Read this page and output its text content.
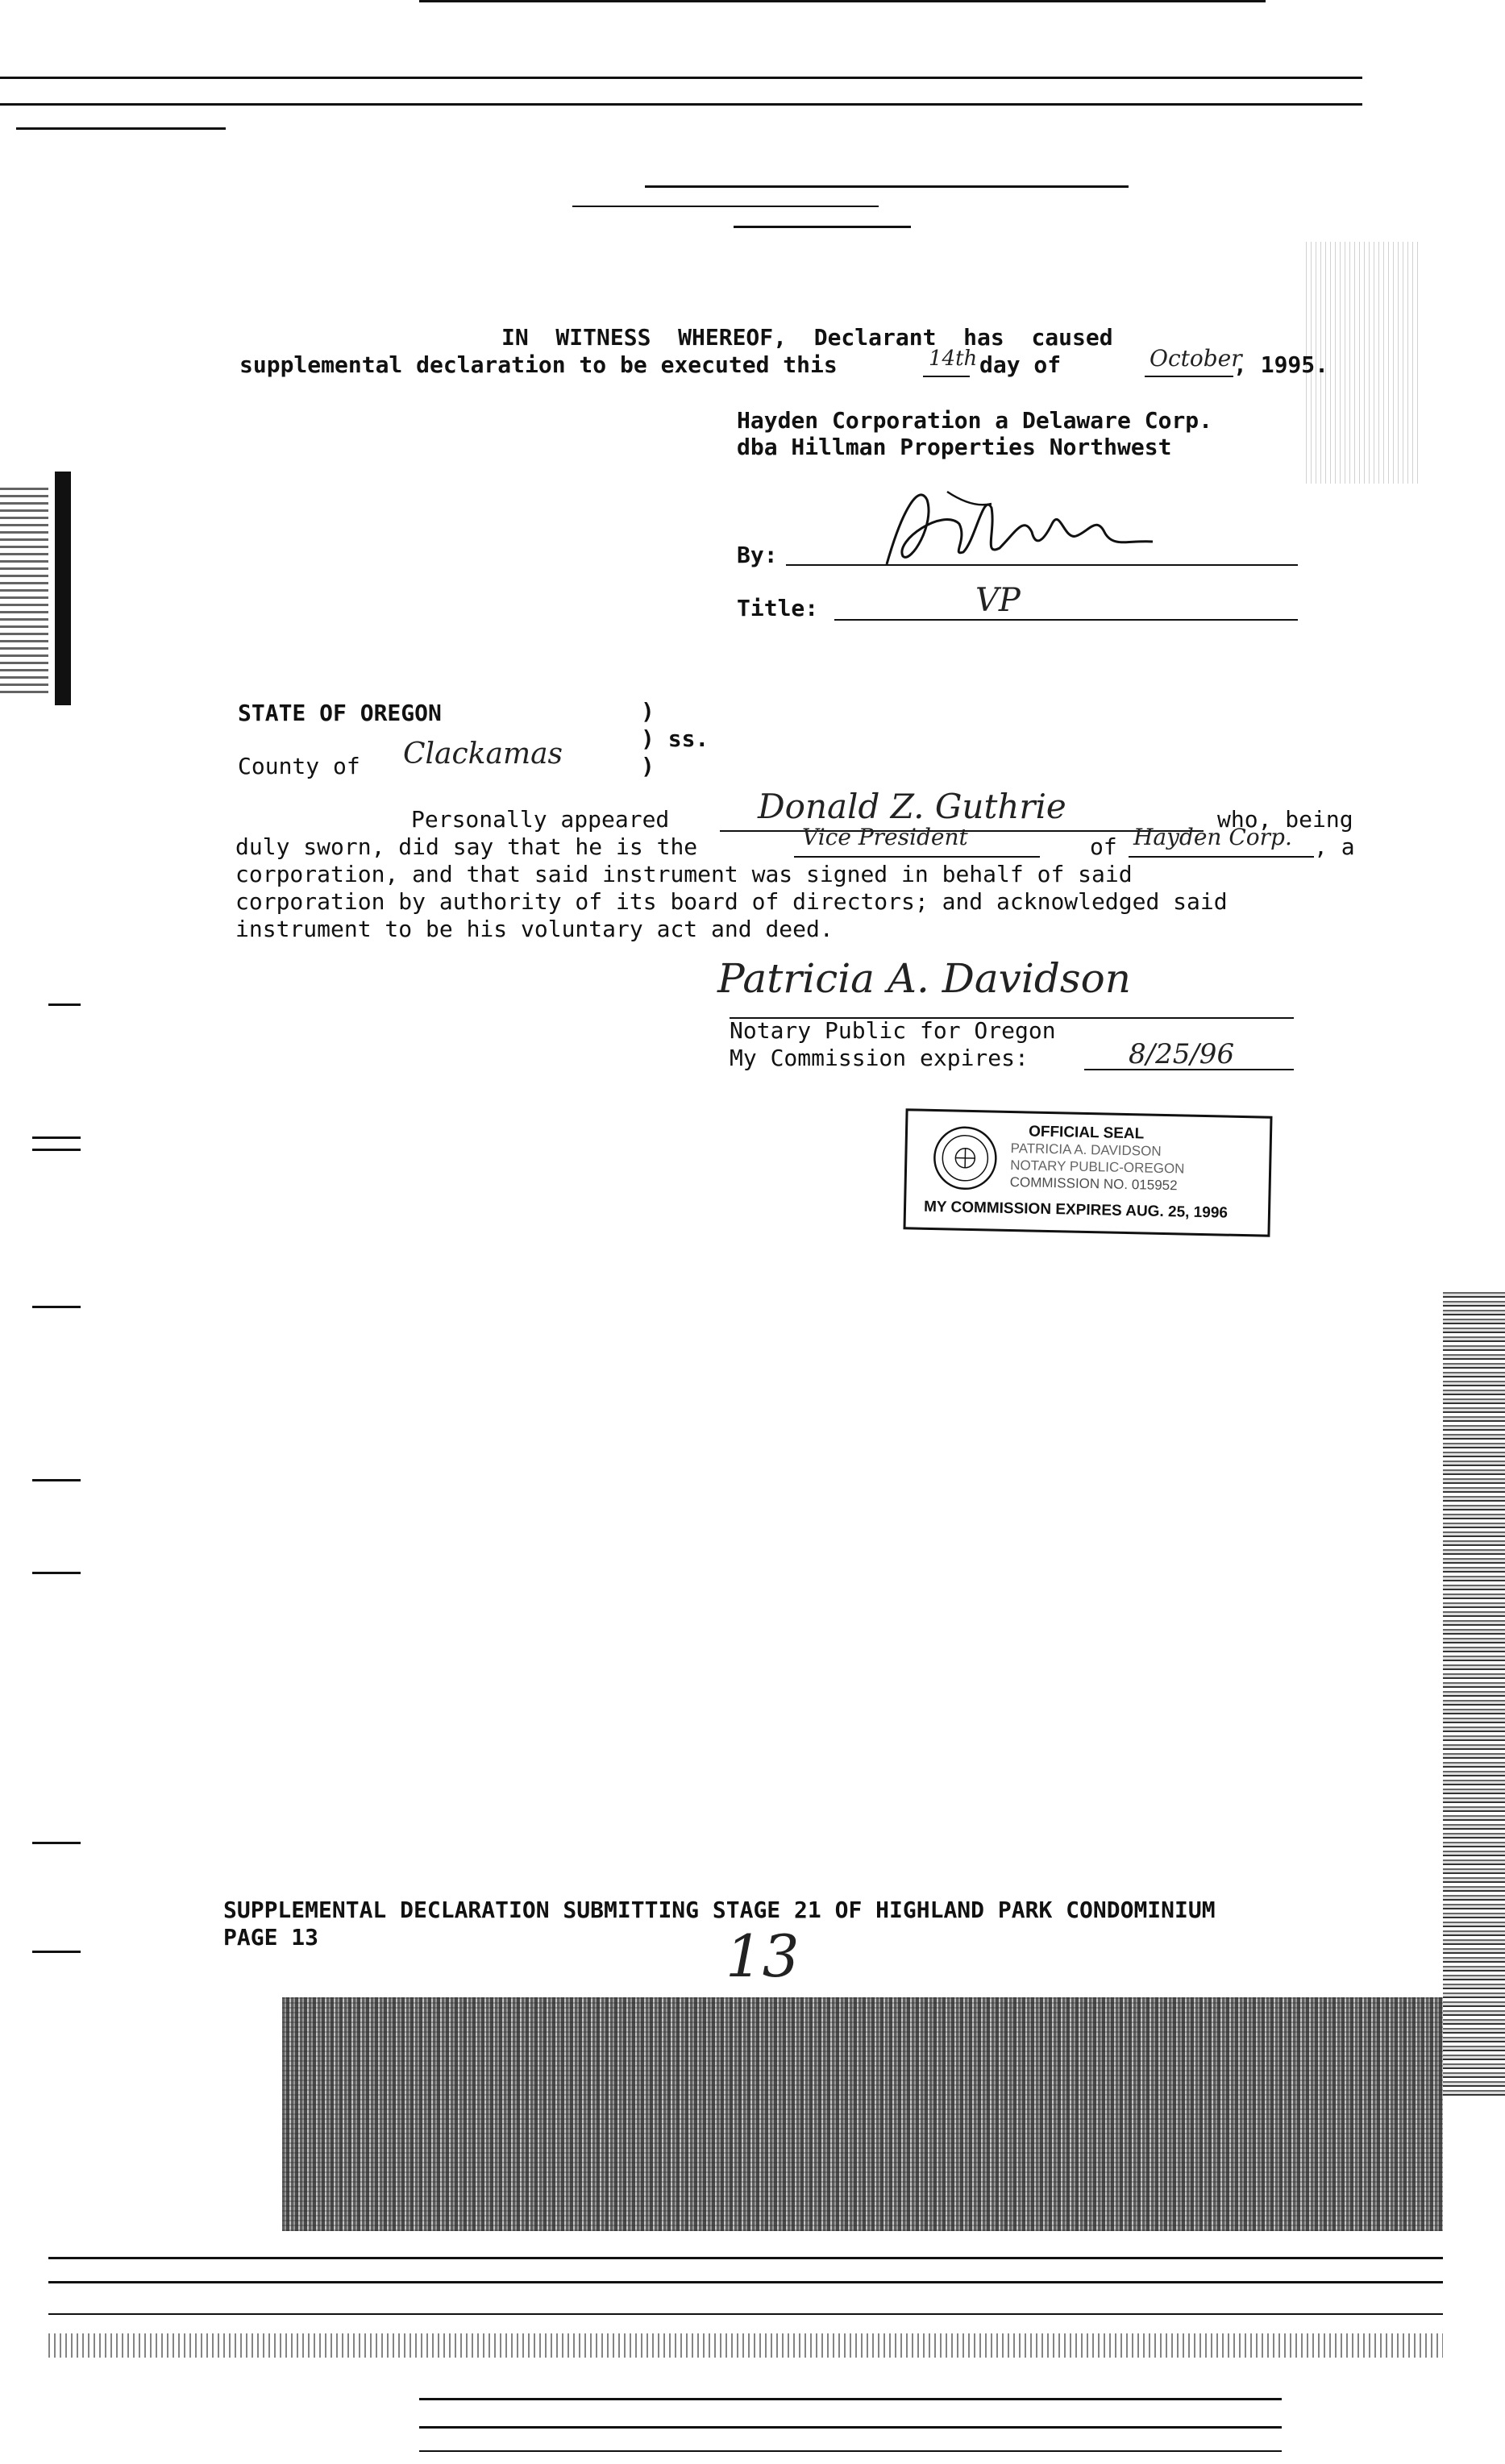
IN  WITNESS  WHEREOF,  Declarant  has  caused
supplemental declaration to be executed this	14th day of	October
, 1995.
Hayden Corporation a Delaware Corp.
dba Hillman Properties Northwest
By:
Title:	VP
STATE OF OREGON	)
) ss.
)
County of Clackamas
Personally appeared	Donald Z. Guthrie	who, being
duly sworn, did say that he is the	Vice President	of Hayden Corp. , a
corporation, and that said instrument was signed in behalf of said
corporation by authority of its board of directors; and acknowledged said
instrument to be his voluntary act and deed.
Patricia A. Davidson
Notary Public for Oregon
My Commission expires:	8/25/96
OFFICIAL SEAL
PATRICIA A. DAVIDSON
NOTARY PUBLIC-OREGON
COMMISSION NO. 015952
MY COMMISSION EXPIRES AUG. 25, 1996
SUPPLEMENTAL DECLARATION SUBMITTING STAGE 21 OF HIGHLAND PARK CONDOMINIUM
PAGE 13	13
